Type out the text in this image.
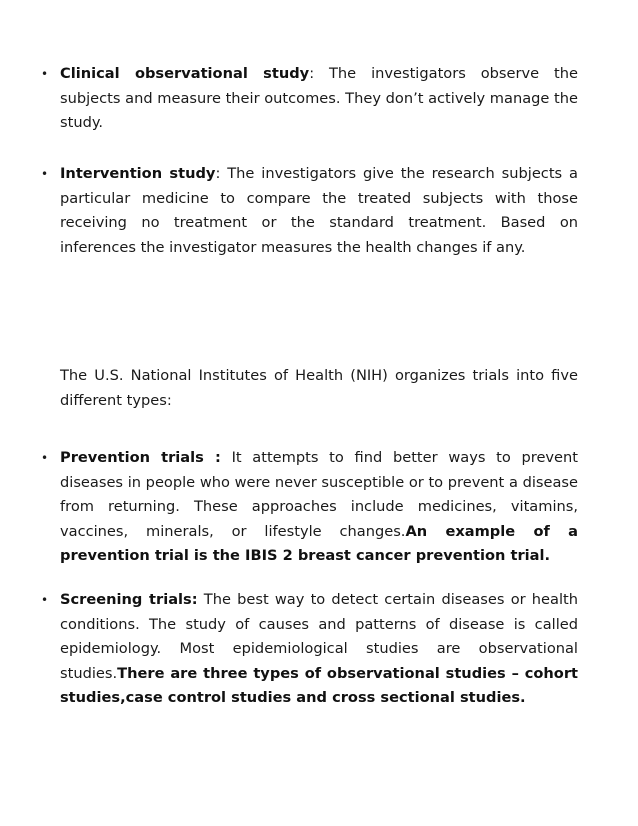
• Clinical observational study: The investigators observe the subjects and measure their outcomes. They don’t actively manage the study.
• Intervention study: The investigators give the research subjects a particular medicine to compare the treated subjects with those receiving no treatment or the standard treatment. Based on inferences the investigator measures the health changes if any.
The U.S. National Institutes of Health (NIH) organizes trials into five different types:
• Prevention trials : It attempts to find better ways to prevent diseases in people who were never susceptible or to prevent a disease from returning. These approaches include medicines, vitamins, vaccines, minerals, or lifestyle changes.An example of a prevention trial is the IBIS 2 breast cancer prevention trial.
• Screening trials: The best way to detect certain diseases or health conditions. The study of causes and patterns of disease is called epidemiology. Most epidemiological studies are observational studies.There are three types of observational studies – cohort studies,case control studies and cross sectional studies.
